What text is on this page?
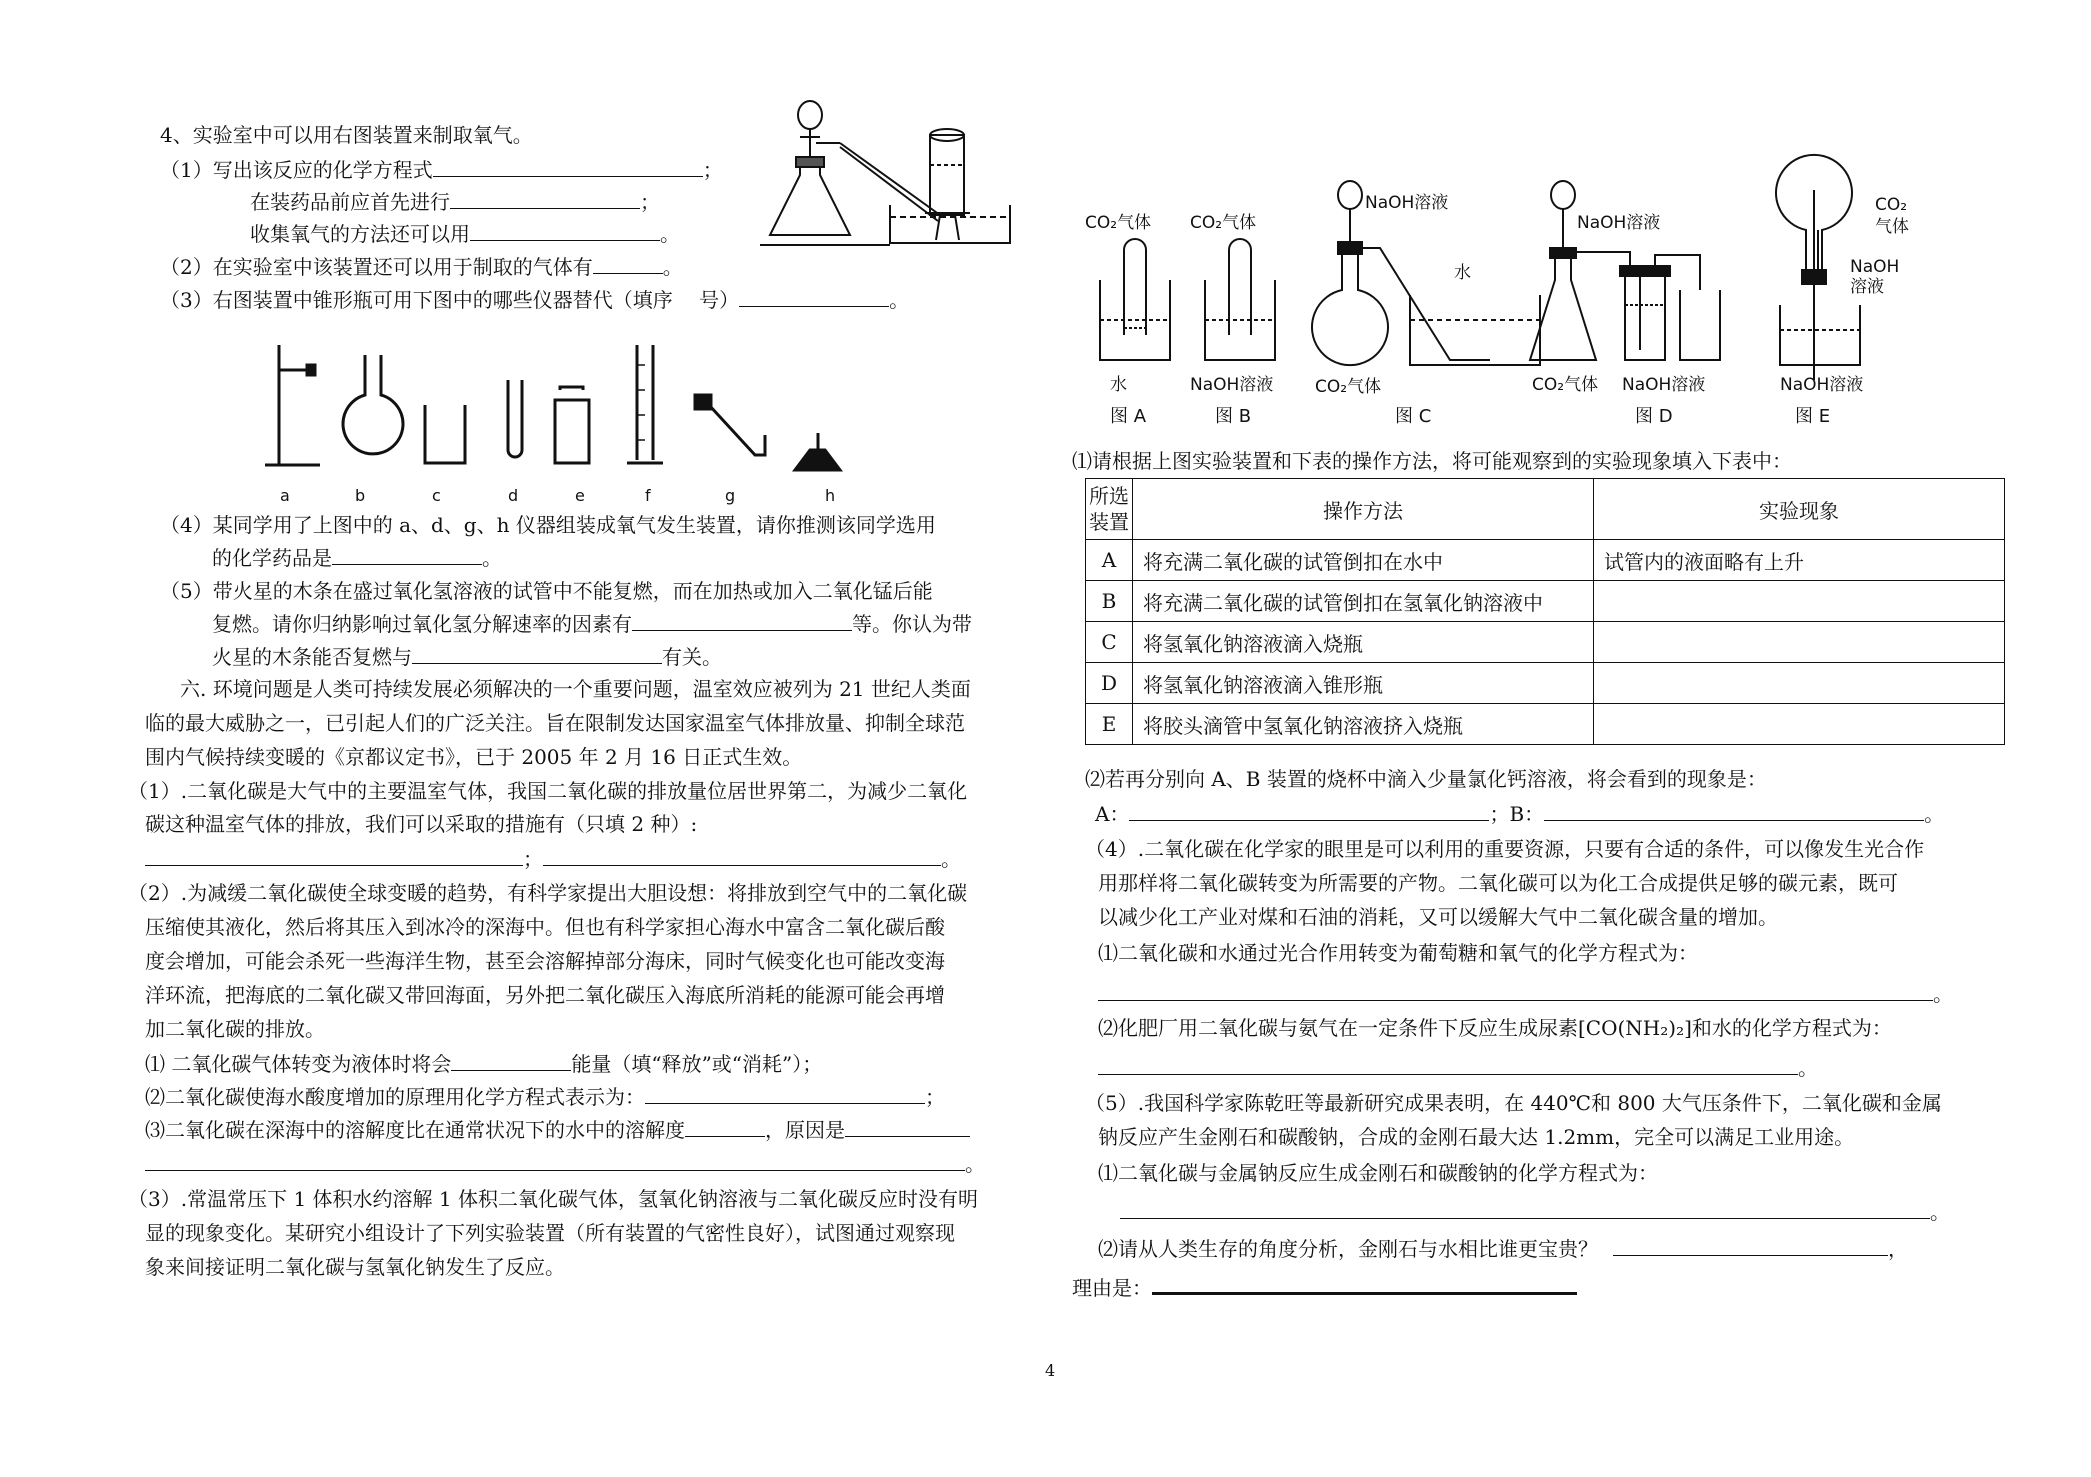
4、实验室中可以用右图装置来制取氧气。
（1）写出该反应的化学方程式	；
在装药品前应首先进行	；
收集氧气的方法还可以用	。
（2）在实验室中该装置还可以用于制取的气体有	。
（3）右图装置中锥形瓶可用下图中的哪些仪器替代（填序 　号）	。
a	b	c	d	e	f	g	h
（4）某同学用了上图中的 a、d、g、h 仪器组装成氧气发生装置，请你推测该同学选用
的化学药品是	。
（5）带火星的木条在盛过氧化氢溶液的试管中不能复燃，而在加热或加入二氧化锰后能
复燃。请你归纳影响过氧化氢分解速率的因素有	等。你认为带
火星的木条能否复燃与	有关。
六. 环境问题是人类可持续发展必须解决的一个重要问题，温室效应被列为 21 世纪人类面
临的最大威胁之一，已引起人们的广泛关注。旨在限制发达国家温室气体排放量、抑制全球范
围内气候持续变暖的《京都议定书》，已于 2005 年 2 月 16 日正式生效。
（1）.二氧化碳是大气中的主要温室气体，我国二氧化碳的排放量位居世界第二，为减少二氧化
碳这种温室气体的排放，我们可以采取的措施有（只填 2 种）:
；	。
（2）.为减缓二氧化碳使全球变暖的趋势，有科学家提出大胆设想：将排放到空气中的二氧化碳
压缩使其液化，然后将其压入到冰冷的深海中。但也有科学家担心海水中富含二氧化碳后酸
度会增加，可能会杀死一些海洋生物，甚至会溶解掉部分海床，同时气候变化也可能改变海
洋环流，把海底的二氧化碳又带回海面，另外把二氧化碳压入海底所消耗的能源可能会再增
加二氧化碳的排放。
⑴ 二氧化碳气体转变为液体时将会	能量（填“释放”或“消耗”）；
⑵二氧化碳使海水酸度增加的原理用化学方程式表示为：	；
⑶二氧化碳在深海中的溶解度比在通常状况下的水中的溶解度	，原因是
。
（3）.常温常压下 1 体积水约溶解 1 体积二氧化碳气体，氢氧化钠溶液与二氧化碳反应时没有明
显的现象变化。某研究小组设计了下列实验装置（所有装置的气密性良好），试图通过观察现
象来间接证明二氧化碳与氢氧化钠发生了反应。
CO₂气体 CO₂气体
水	NaOH溶液
NaOH溶液
水
CO₂气体
NaOH溶液
CO₂气体 NaOH溶液
CO₂
气体
NaOH
溶液
NaOH溶液
图 A	图 B	图 C	图 D	图 E
⑴请根据上图实验装置和下表的操作方法，将可能观察到的实验现象填入下表中：
所选
装置	操作方法	实验现象
A	将充满二氧化碳的试管倒扣在水中	试管内的液面略有上升
B	将充满二氧化碳的试管倒扣在氢氧化钠溶液中	
C	将氢氧化钠溶液滴入烧瓶	
D	将氢氧化钠溶液滴入锥形瓶	
E	将胶头滴管中氢氧化钠溶液挤入烧瓶	
⑵若再分别向 A、B 装置的烧杯中滴入少量氯化钙溶液，将会看到的现象是：
A：	；B：	。
（4）.二氧化碳在化学家的眼里是可以利用的重要资源，只要有合适的条件，可以像发生光合作
用那样将二氧化碳转变为所需要的产物。二氧化碳可以为化工合成提供足够的碳元素，既可
以减少化工产业对煤和石油的消耗，又可以缓解大气中二氧化碳含量的增加。
⑴二氧化碳和水通过光合作用转变为葡萄糖和氧气的化学方程式为：
。
⑵化肥厂用二氧化碳与氨气在一定条件下反应生成尿素[CO(NH₂)₂]和水的化学方程式为：
。
（5）.我国科学家陈乾旺等最新研究成果表明，在 440℃和 800 大气压条件下，二氧化碳和金属
钠反应产生金刚石和碳酸钠，合成的金刚石最大达 1.2mm，完全可以满足工业用途。
⑴二氧化碳与金属钠反应生成金刚石和碳酸钠的化学方程式为：
。
⑵请从人类生存的角度分析，金刚石与水相比谁更宝贵？	，
理由是：
4
